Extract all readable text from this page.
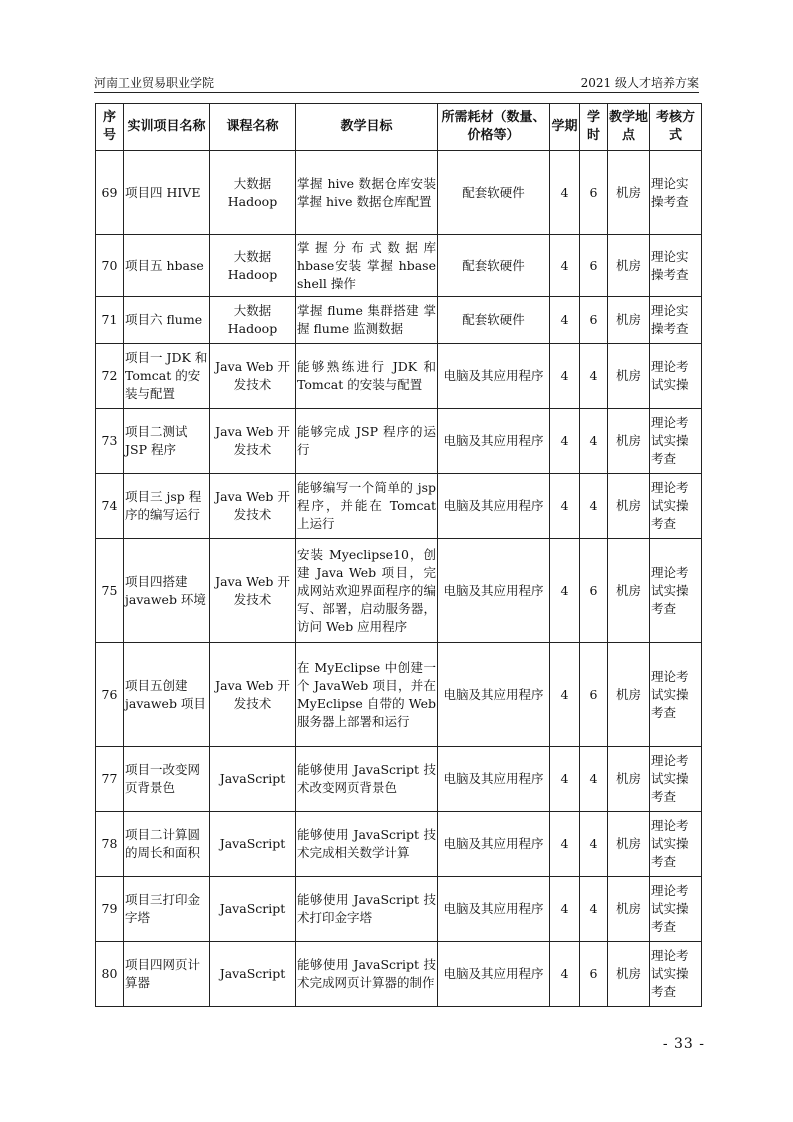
河南工业贸易职业学院	2021 级人才培养方案
序号	实训项目名称	课程名称	教学目标	所需耗材（数量、价格等）	学期	学时	教学地点	考核方式
69	项目四 HIVE	大数据 Hadoop	掌握 hive 数据仓库安装 掌握 hive 数据仓库配置	配套软硬件	4	6	机房	理论实操考查
70	项目五 hbase	大数据 Hadoop	掌握分布式数据库 hbase安装 掌握 hbase shell 操作	配套软硬件	4	6	机房	理论实操考查
71	项目六 flume	大数据 Hadoop	掌握 flume 集群搭建 掌握 flume 监测数据	配套软硬件	4	6	机房	理论实操考查
72	项目一 JDK 和 Tomcat 的安装与配置	Java Web 开发技术	能够熟练进行 JDK 和 Tomcat 的安装与配置	电脑及其应用程序	4	4	机房	理论考试实操
73	项目二测试 JSP 程序	Java Web 开发技术	能够完成 JSP 程序的运行	电脑及其应用程序	4	4	机房	理论考试实操考查
74	项目三 jsp 程序的编写运行	Java Web 开发技术	能够编写一个简单的 jsp 程序，并能在 Tomcat 上运行	电脑及其应用程序	4	4	机房	理论考试实操考查
75	项目四搭建 javaweb 环境	Java Web 开发技术	安装 Myeclipse10，创建 Java Web 项目，完成网站欢迎界面程序的编写、部署，启动服务器，访问 Web 应用程序	电脑及其应用程序	4	6	机房	理论考试实操考查
76	项目五创建 javaweb 项目	Java Web 开发技术	在 MyEclipse 中创建一个 JavaWeb 项目，并在 MyEclipse 自带的 Web 服务器上部署和运行	电脑及其应用程序	4	6	机房	理论考试实操考查
77	项目一改变网页背景色	JavaScript	能够使用 JavaScript 技术改变网页背景色	电脑及其应用程序	4	4	机房	理论考试实操考查
78	项目二计算圆的周长和面积	JavaScript	能够使用 JavaScript 技术完成相关数学计算	电脑及其应用程序	4	4	机房	理论考试实操考查
79	项目三打印金字塔	JavaScript	能够使用 JavaScript 技术打印金字塔	电脑及其应用程序	4	4	机房	理论考试实操考查
80	项目四网页计算器	JavaScript	能够使用 JavaScript 技术完成网页计算器的制作	电脑及其应用程序	4	6	机房	理论考试实操考查
- 33 -
